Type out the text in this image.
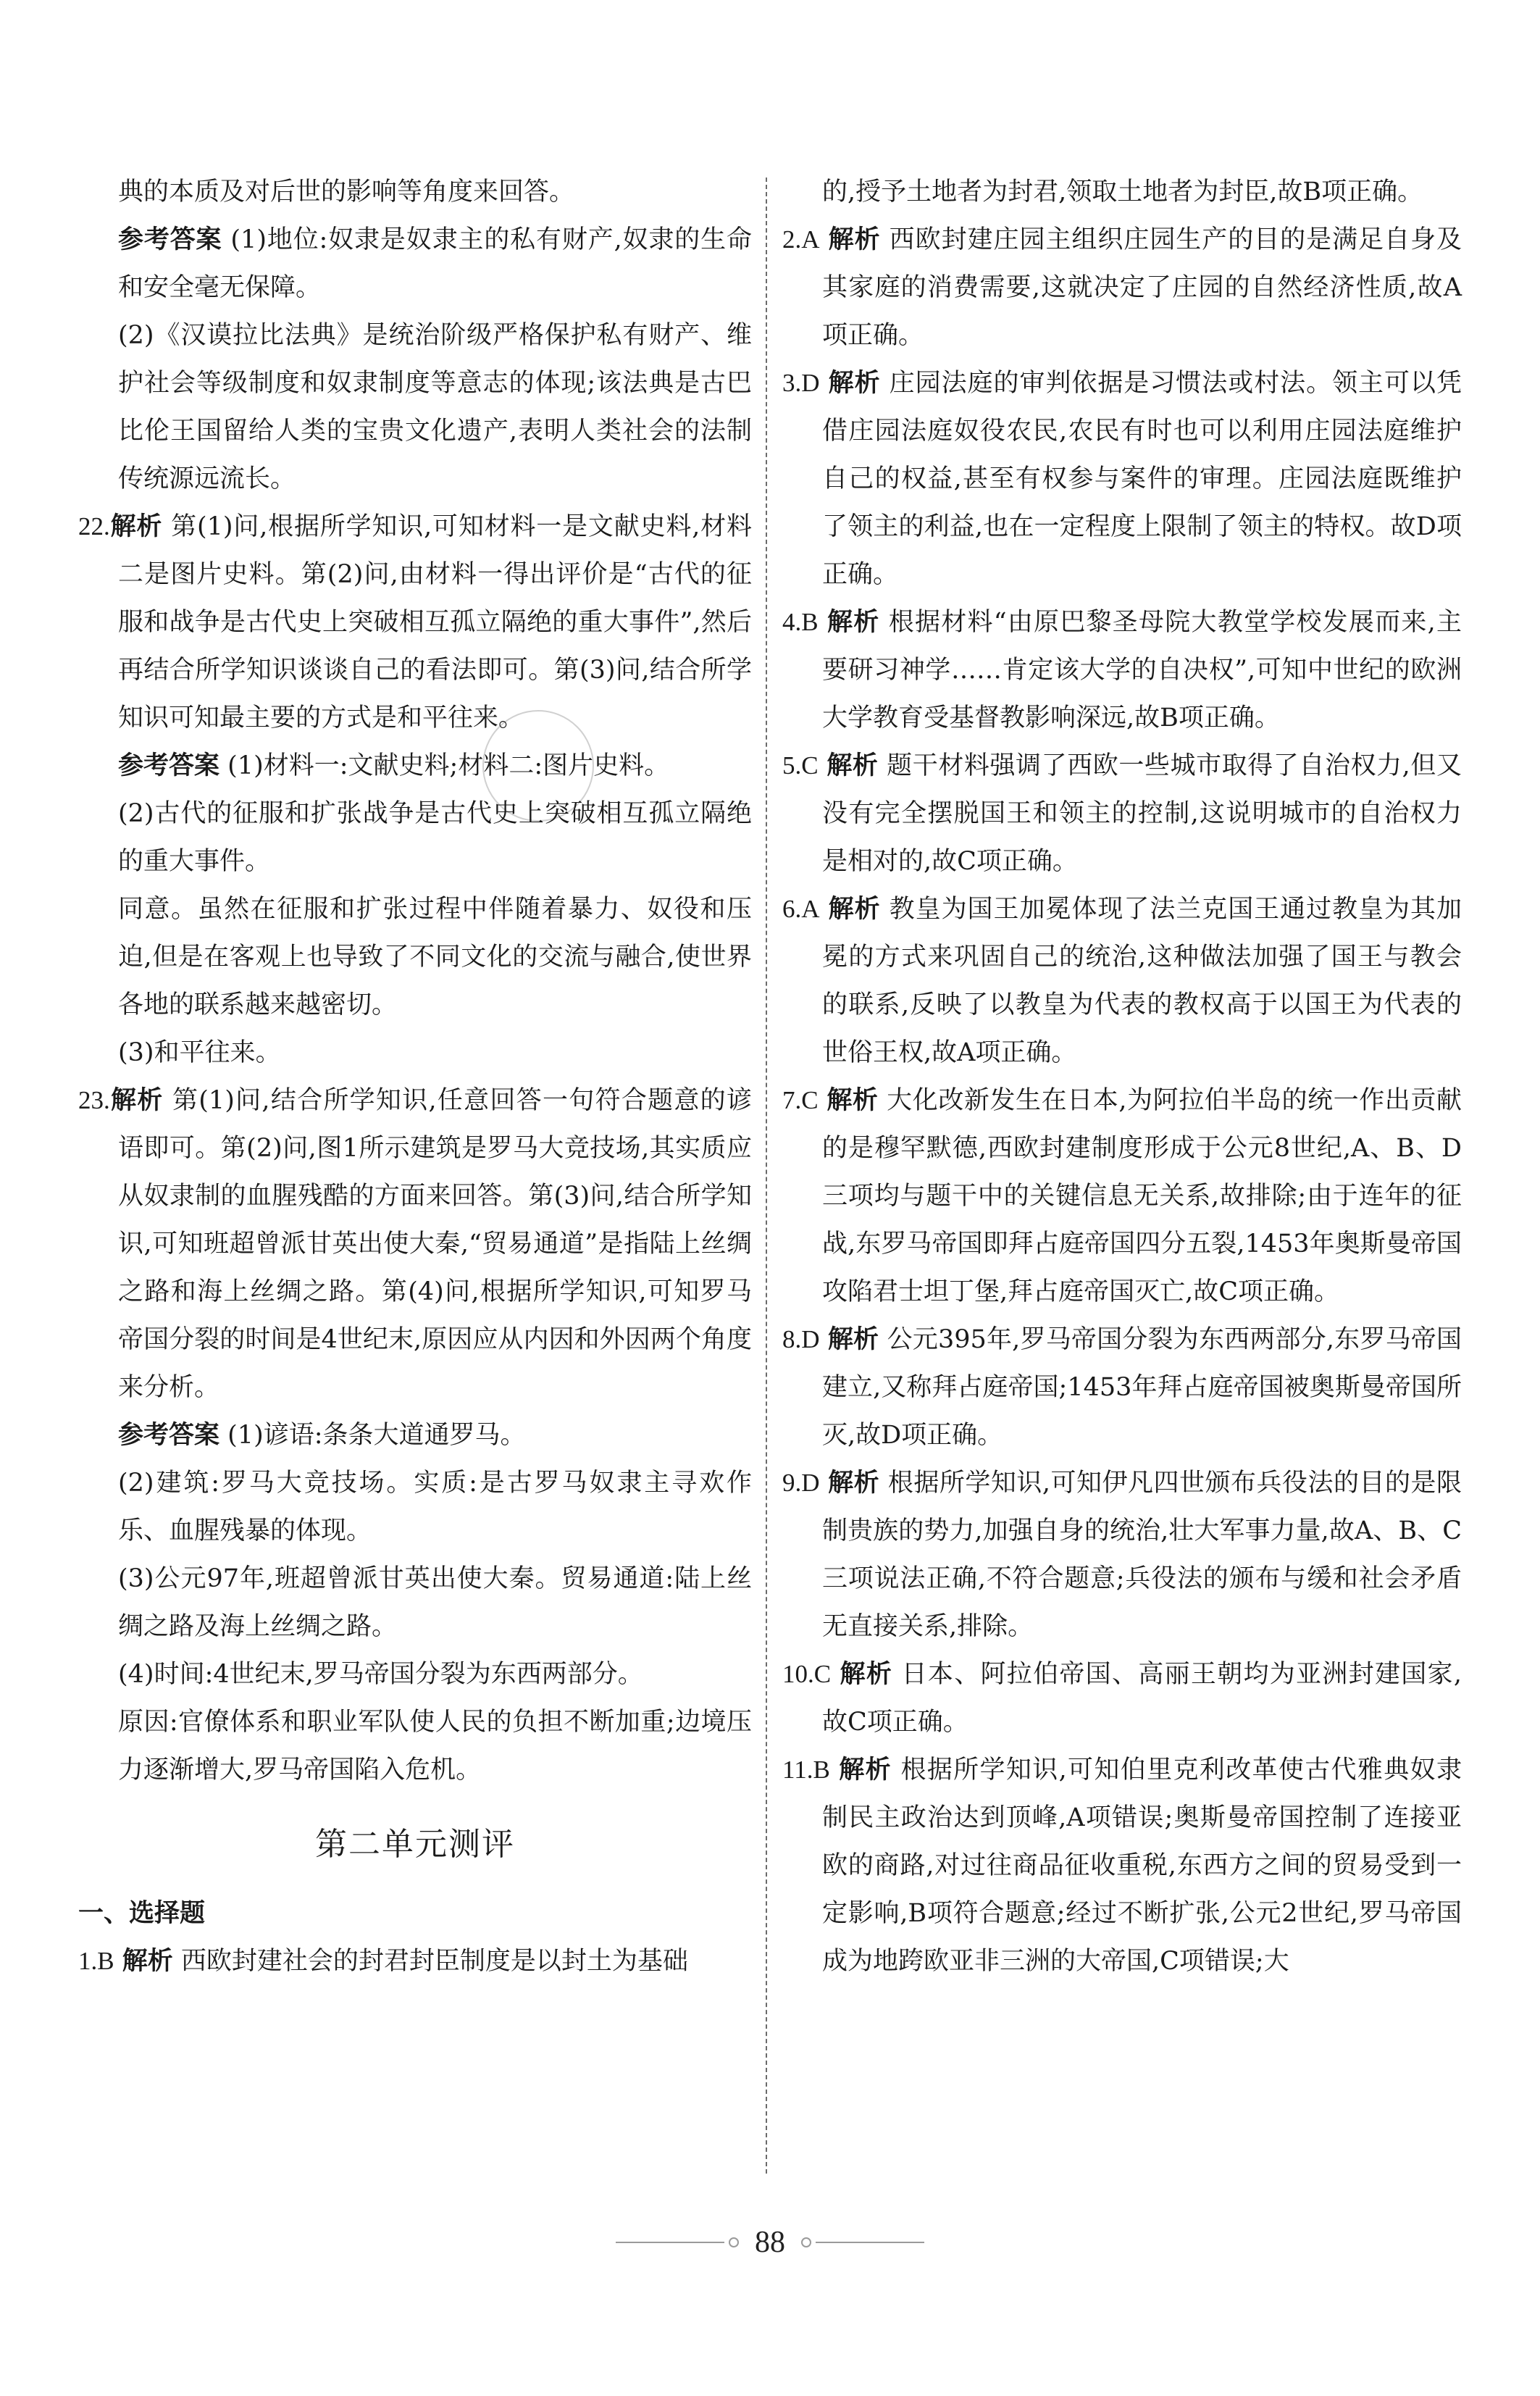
典的本质及对后世的影响等角度来回答。

参考答案 (1)地位:奴隶是奴隶主的私有财产,奴隶的生命和安全毫无保障。

(2)《汉谟拉比法典》是统治阶级严格保护私有财产、维护社会等级制度和奴隶制度等意志的体现;该法典是古巴比伦王国留给人类的宝贵文化遗产,表明人类社会的法制传统源远流长。

22.解析 第(1)问,根据所学知识,可知材料一是文献史料,材料二是图片史料。第(2)问,由材料一得出评价是“古代的征服和战争是古代史上突破相互孤立隔绝的重大事件”,然后再结合所学知识谈谈自己的看法即可。第(3)问,结合所学知识可知最主要的方式是和平往来。

参考答案 (1)材料一:文献史料;材料二:图片史料。

(2)古代的征服和扩张战争是古代史上突破相互孤立隔绝的重大事件。

同意。虽然在征服和扩张过程中伴随着暴力、奴役和压迫,但是在客观上也导致了不同文化的交流与融合,使世界各地的联系越来越密切。

(3)和平往来。

23.解析 第(1)问,结合所学知识,任意回答一句符合题意的谚语即可。第(2)问,图1所示建筑是罗马大竞技场,其实质应从奴隶制的血腥残酷的方面来回答。第(3)问,结合所学知识,可知班超曾派甘英出使大秦,“贸易通道”是指陆上丝绸之路和海上丝绸之路。第(4)问,根据所学知识,可知罗马帝国分裂的时间是4世纪末,原因应从内因和外因两个角度来分析。

参考答案 (1)谚语:条条大道通罗马。

(2)建筑:罗马大竞技场。实质:是古罗马奴隶主寻欢作乐、血腥残暴的体现。

(3)公元97年,班超曾派甘英出使大秦。贸易通道:陆上丝绸之路及海上丝绸之路。

(4)时间:4世纪末,罗马帝国分裂为东西两部分。

原因:官僚体系和职业军队使人民的负担不断加重;边境压力逐渐增大,罗马帝国陷入危机。

第二单元测评
一、选择题

1.B 解析 西欧封建社会的封君封臣制度是以封土为基础

的,授予土地者为封君,领取土地者为封臣,故B项正确。

2.A 解析 西欧封建庄园主组织庄园生产的目的是满足自身及其家庭的消费需要,这就决定了庄园的自然经济性质,故A项正确。

3.D 解析 庄园法庭的审判依据是习惯法或村法。领主可以凭借庄园法庭奴役农民,农民有时也可以利用庄园法庭维护自己的权益,甚至有权参与案件的审理。庄园法庭既维护了领主的利益,也在一定程度上限制了领主的特权。故D项正确。

4.B 解析 根据材料“由原巴黎圣母院大教堂学校发展而来,主要研习神学……肯定该大学的自决权”,可知中世纪的欧洲大学教育受基督教影响深远,故B项正确。

5.C 解析 题干材料强调了西欧一些城市取得了自治权力,但又没有完全摆脱国王和领主的控制,这说明城市的自治权力是相对的,故C项正确。

6.A 解析 教皇为国王加冕体现了法兰克国王通过教皇为其加冕的方式来巩固自己的统治,这种做法加强了国王与教会的联系,反映了以教皇为代表的教权高于以国王为代表的世俗王权,故A项正确。

7.C 解析 大化改新发生在日本,为阿拉伯半岛的统一作出贡献的是穆罕默德,西欧封建制度形成于公元8世纪,A、B、D三项均与题干中的关键信息无关系,故排除;由于连年的征战,东罗马帝国即拜占庭帝国四分五裂,1453年奥斯曼帝国攻陷君士坦丁堡,拜占庭帝国灭亡,故C项正确。

8.D 解析 公元395年,罗马帝国分裂为东西两部分,东罗马帝国建立,又称拜占庭帝国;1453年拜占庭帝国被奥斯曼帝国所灭,故D项正确。

9.D 解析 根据所学知识,可知伊凡四世颁布兵役法的目的是限制贵族的势力,加强自身的统治,壮大军事力量,故A、B、C三项说法正确,不符合题意;兵役法的颁布与缓和社会矛盾无直接关系,排除。

10.C 解析 日本、阿拉伯帝国、高丽王朝均为亚洲封建国家,故C项正确。

11.B 解析 根据所学知识,可知伯里克利改革使古代雅典奴隶制民主政治达到顶峰,A项错误;奥斯曼帝国控制了连接亚欧的商路,对过往商品征收重税,东西方之间的贸易受到一定影响,B项符合题意;经过不断扩张,公元2世纪,罗马帝国成为地跨欧亚非三洲的大帝国,C项错误;大

88
